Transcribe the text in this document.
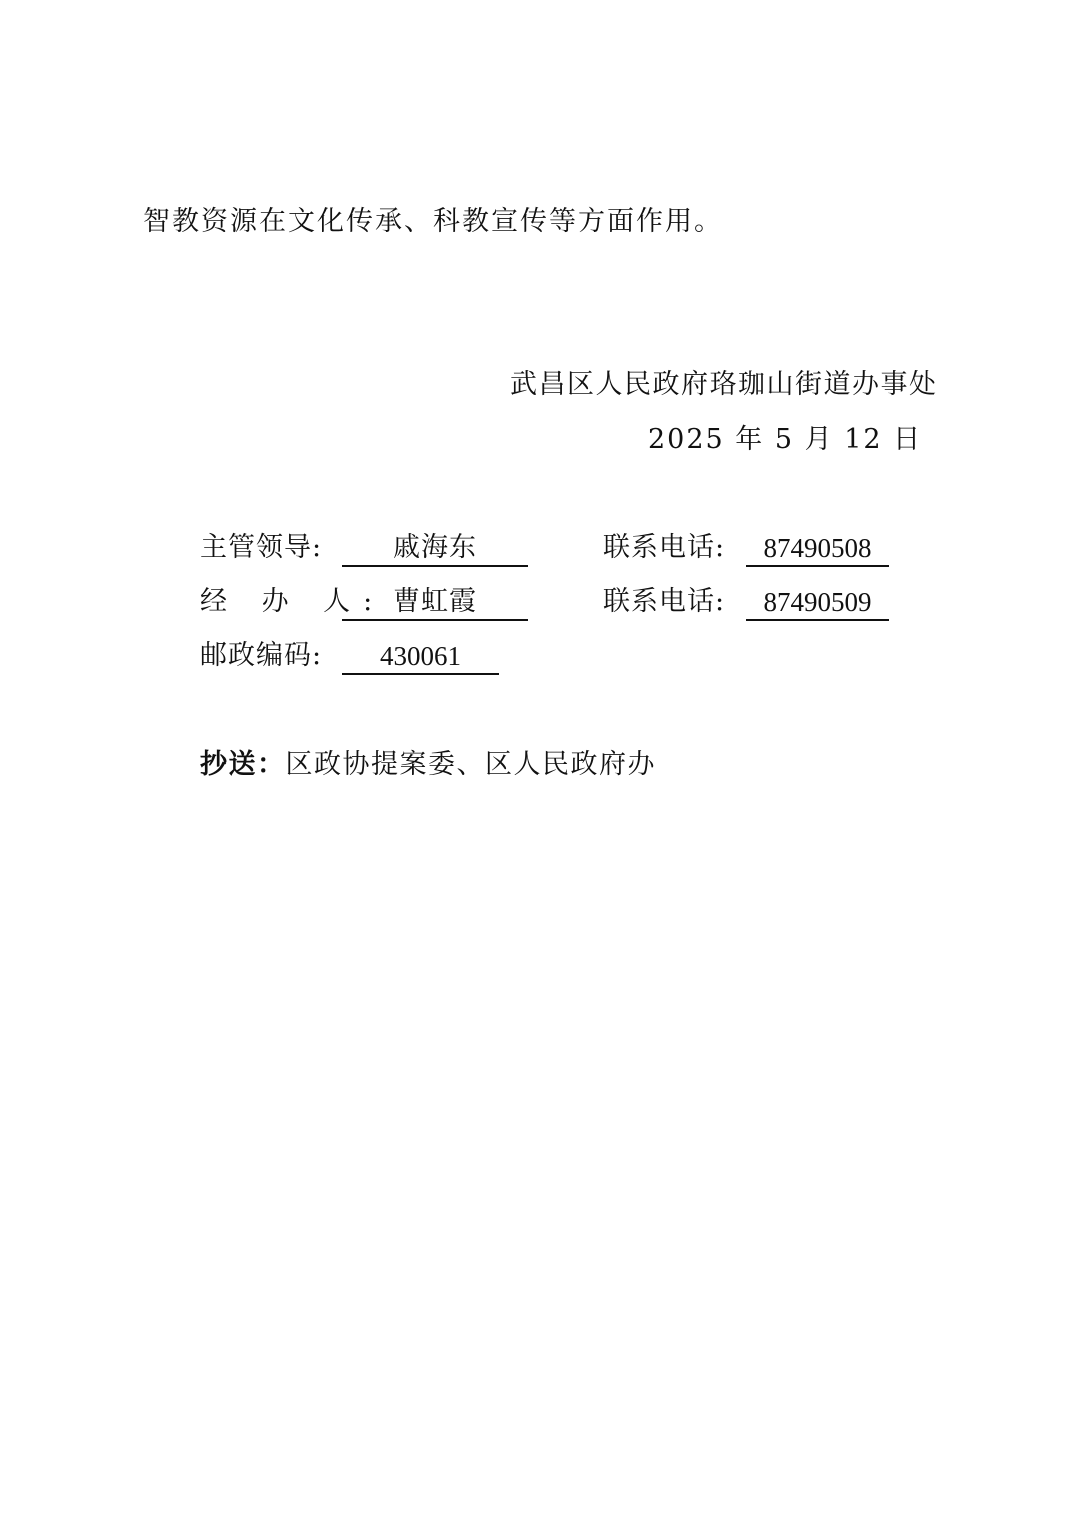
智教资源在文化传承、科教宣传等方面作用。
武昌区人民政府珞珈山街道办事处
2025 年 5 月 12 日
主管领导:	戚海东	联系电话:	87490508
经 办 人: 曹虹霞	联系电话:	87490509
邮政编码:	430061
抄送：区政协提案委、区人民政府办
